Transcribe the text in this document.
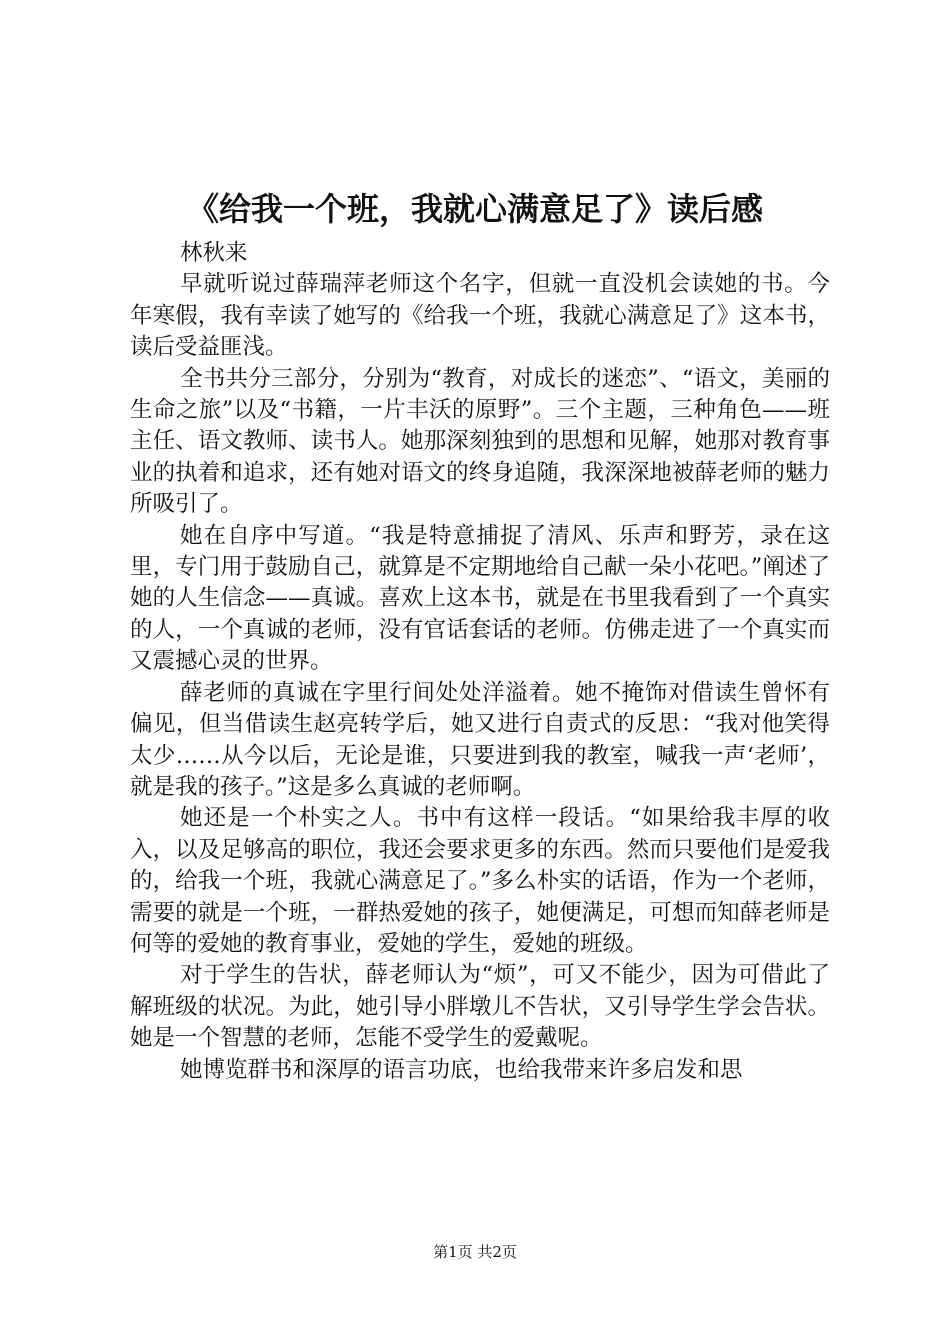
《给我一个班，我就心满意足了》读后感

林秋来

早就听说过薛瑞萍老师这个名字，但就一直没机会读她的书。今年寒假，我有幸读了她写的《给我一个班，我就心满意足了》这本书，读后受益匪浅。

全书共分三部分，分别为“教育，对成长的迷恋”、“语文，美丽的生命之旅”以及“书籍，一片丰沃的原野”。三个主题，三种角色——班主任、语文教师、读书人。她那深刻独到的思想和见解，她那对教育事业的执着和追求，还有她对语文的终身追随，我深深地被薛老师的魅力所吸引了。

她在自序中写道。“我是特意捕捉了清风、乐声和野芳，录在这里，专门用于鼓励自己，就算是不定期地给自己献一朵小花吧。”阐述了她的人生信念——真诚。喜欢上这本书，就是在书里我看到了一个真实的人，一个真诚的老师，没有官话套话的老师。仿佛走进了一个真实而又震撼心灵的世界。

薛老师的真诚在字里行间处处洋溢着。她不掩饰对借读生曾怀有偏见，但当借读生赵亮转学后，她又进行自责式的反思：“我对他笑得太少……从今以后，无论是谁，只要进到我的教室，喊我一声‘老师’，就是我的孩子。”这是多么真诚的老师啊。

她还是一个朴实之人。书中有这样一段话。“如果给我丰厚的收入，以及足够高的职位，我还会要求更多的东西。然而只要他们是爱我的，给我一个班，我就心满意足了。”多么朴实的话语，作为一个老师，需要的就是一个班，一群热爱她的孩子，她便满足，可想而知薛老师是何等的爱她的教育事业，爱她的学生，爱她的班级。

对于学生的告状，薛老师认为“烦”，可又不能少，因为可借此了解班级的状况。为此，她引导小胖墩儿不告状，又引导学生学会告状。她是一个智慧的老师，怎能不受学生的爱戴呢。

她博览群书和深厚的语言功底，也给我带来许多启发和思

第1页 共2页
